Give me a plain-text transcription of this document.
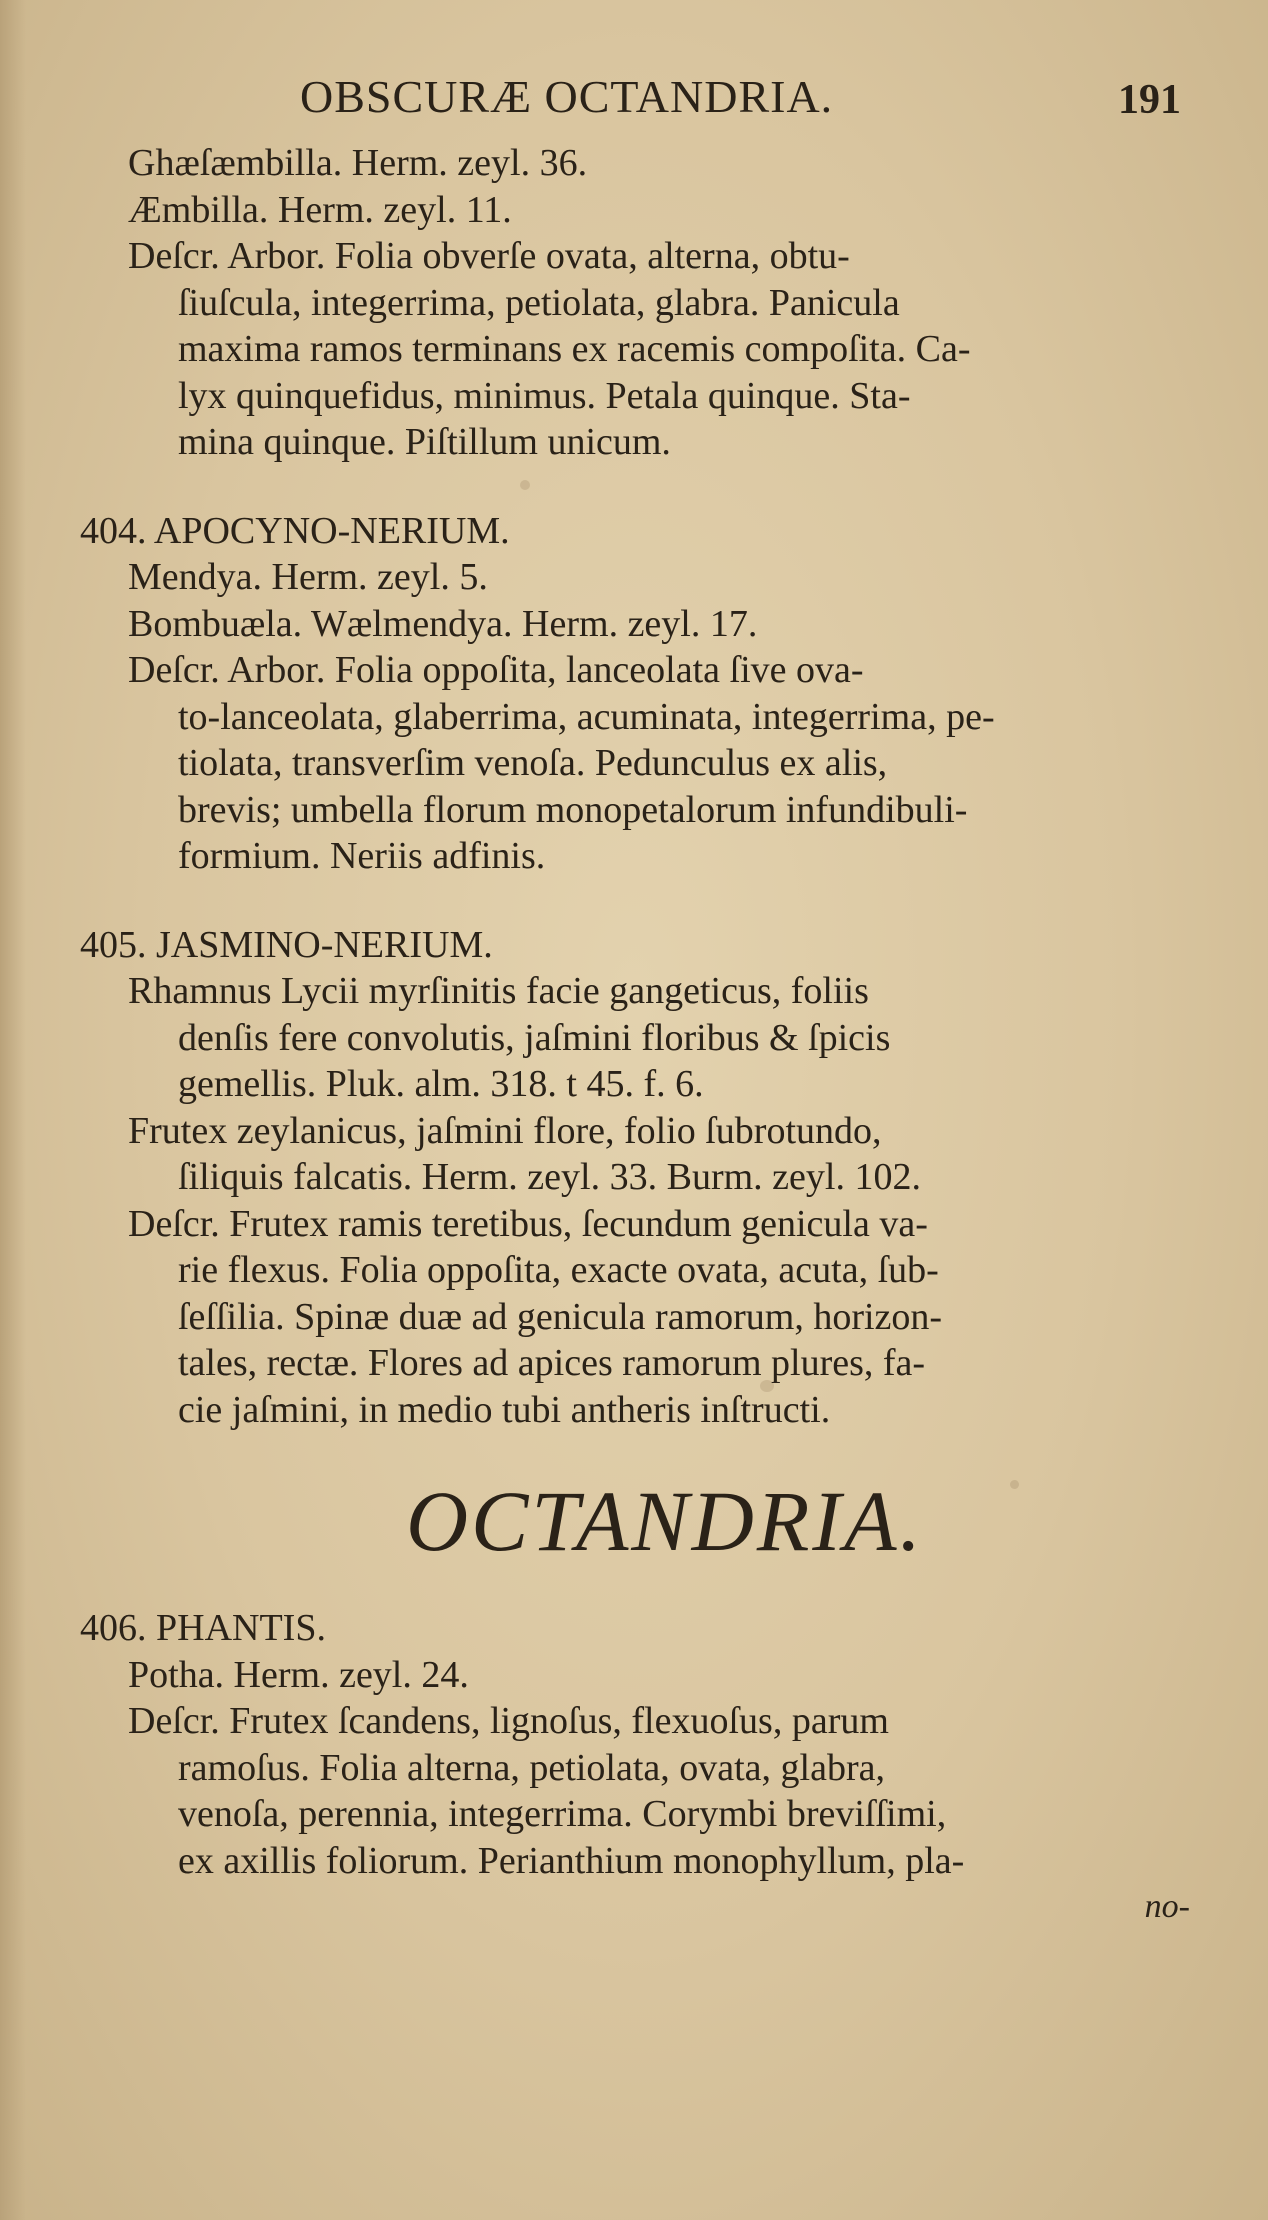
OBSCURÆ OCTANDRIA.	191
Ghæſæmbilla. Herm. zeyl. 36.
Æmbilla. Herm. zeyl. 11.
Deſcr. Arbor. Folia obverſe ovata, alterna, obtu-
ſiuſcula, integerrima, petiolata, glabra. Panicula
maxima ramos terminans ex racemis compoſita. Ca-
lyx quinquefidus, minimus. Petala quinque. Sta-
mina quinque. Piſtillum unicum.
404. APOCYNO-NERIUM.
Mendya. Herm. zeyl. 5.
Bombuæla. Wælmendya. Herm. zeyl. 17.
Deſcr. Arbor. Folia oppoſita, lanceolata ſive ova-
to-lanceolata, glaberrima, acuminata, integerrima, pe-
tiolata, transverſim venoſa. Pedunculus ex alis,
brevis; umbella florum monopetalorum infundibuli-
formium. Neriis adfinis.
405. JASMINO-NERIUM.
Rhamnus Lycii myrſinitis facie gangeticus, foliis
denſis fere convolutis, jaſmini floribus & ſpicis
gemellis. Pluk. alm. 318. t 45. f. 6.
Frutex zeylanicus, jaſmini flore, folio ſubrotundo,
ſiliquis falcatis. Herm. zeyl. 33. Burm. zeyl. 102.
Deſcr. Frutex ramis teretibus, ſecundum genicula va-
rie flexus. Folia oppoſita, exacte ovata, acuta, ſub-
ſeſſilia. Spinæ duæ ad genicula ramorum, horizon-
tales, rectæ. Flores ad apices ramorum plures, fa-
cie jaſmini, in medio tubi antheris inſtructi.
OCTANDRIA.
406. PHANTIS.
Potha. Herm. zeyl. 24.
Deſcr. Frutex ſcandens, lignoſus, flexuoſus, parum
ramoſus. Folia alterna, petiolata, ovata, glabra,
venoſa, perennia, integerrima. Corymbi breviſſimi,
ex axillis foliorum. Perianthium monophyllum, pla-
no-
